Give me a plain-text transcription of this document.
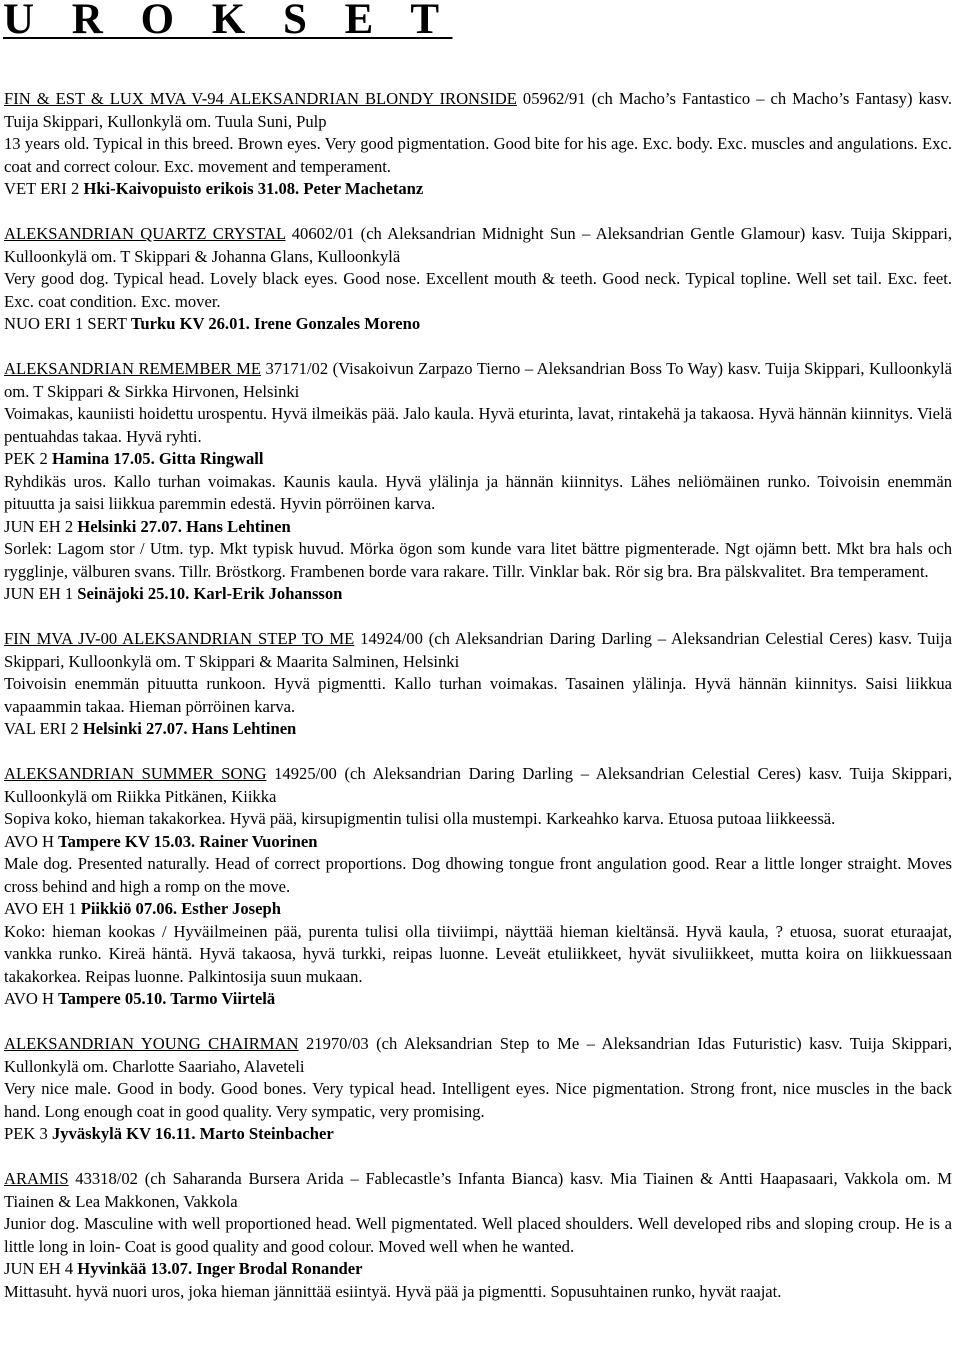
U R O K S E T

FIN & EST & LUX MVA V-94 ALEKSANDRIAN BLONDY IRONSIDE 05962/91 (ch Macho’s Fantastico – ch Macho’s Fantasy) kasv. Tuija Skippari, Kullonkylä om. Tuula Suni, Pulp

13 years old. Typical in this breed. Brown eyes. Very good pigmentation. Good bite for his age. Exc. body. Exc. muscles and angulations. Exc. coat and correct colour. Exc. movement and temperament.

VET ERI 2 Hki-Kaivopuisto erikois 31.08. Peter Machetanz

ALEKSANDRIAN QUARTZ CRYSTAL 40602/01 (ch Aleksandrian Midnight Sun – Aleksandrian Gentle Glamour) kasv. Tuija Skippari, Kulloonkylä om. T Skippari & Johanna Glans, Kulloonkylä

Very good dog. Typical head. Lovely black eyes. Good nose. Excellent mouth & teeth. Good neck. Typical topline. Well set tail. Exc. feet. Exc. coat condition. Exc. mover.

NUO ERI 1 SERT Turku KV 26.01. Irene Gonzales Moreno

ALEKSANDRIAN REMEMBER ME 37171/02 (Visakoivun Zarpazo Tierno – Aleksandrian Boss To Way) kasv. Tuija Skippari, Kulloonkylä om. T Skippari & Sirkka Hirvonen, Helsinki

Voimakas, kauniisti hoidettu urospentu. Hyvä ilmeikäs pää. Jalo kaula. Hyvä eturinta, lavat, rintakehä ja takaosa. Hyvä hännän kiinnitys. Vielä pentuahdas takaa. Hyvä ryhti.

PEK 2 Hamina 17.05. Gitta Ringwall

Ryhdikäs uros. Kallo turhan voimakas. Kaunis kaula. Hyvä ylälinja ja hännän kiinnitys. Lähes neliömäinen runko. Toivoisin enemmän pituutta ja saisi liikkua paremmin edestä. Hyvin pörröinen karva.

JUN EH 2 Helsinki 27.07. Hans Lehtinen

Sorlek: Lagom stor / Utm. typ. Mkt typisk huvud. Mörka ögon som kunde vara litet bättre pigmenterade. Ngt ojämn bett. Mkt bra hals och rygglinje, välburen svans. Tillr. Bröstkorg. Frambenen borde vara rakare. Tillr. Vinklar bak. Rör sig bra. Bra pälskvalitet. Bra temperament.

JUN EH 1 Seinäjoki 25.10. Karl-Erik Johansson

FIN MVA JV-00 ALEKSANDRIAN STEP TO ME 14924/00 (ch Aleksandrian Daring Darling – Aleksandrian Celestial Ceres) kasv. Tuija Skippari, Kulloonkylä om. T Skippari & Maarita Salminen, Helsinki

Toivoisin enemmän pituutta runkoon. Hyvä pigmentti. Kallo turhan voimakas. Tasainen ylälinja. Hyvä hännän kiinnitys. Saisi liikkua vapaammin takaa. Hieman pörröinen karva.

VAL ERI 2 Helsinki 27.07. Hans Lehtinen

ALEKSANDRIAN SUMMER SONG 14925/00 (ch Aleksandrian Daring Darling – Aleksandrian Celestial Ceres) kasv. Tuija Skippari, Kulloonkylä om Riikka Pitkänen, Kiikka

Sopiva koko, hieman takakorkea. Hyvä pää, kirsupigmentin tulisi olla mustempi. Karkeahko karva. Etuosa putoaa liikkeessä.

AVO H Tampere KV 15.03. Rainer Vuorinen

Male dog. Presented naturally. Head of correct proportions. Dog dhowing tongue front angulation good. Rear a little longer straight. Moves cross behind and high a romp on the move.

AVO EH 1 Piikkiö 07.06. Esther Joseph

Koko: hieman kookas / Hyväilmeinen pää, purenta tulisi olla tiiviimpi, näyttää hieman kieltänsä. Hyvä kaula, ? etuosa, suorat eturaajat, vankka runko. Kireä häntä. Hyvä takaosa, hyvä turkki, reipas luonne. Leveät etuliikkeet, hyvät sivuliikkeet, mutta koira on liikkuessaan takakorkea. Reipas luonne. Palkintosija suun mukaan.

AVO H Tampere 05.10. Tarmo Viirtelä

ALEKSANDRIAN YOUNG CHAIRMAN 21970/03 (ch Aleksandrian Step to Me – Aleksandrian Idas Futuristic) kasv. Tuija Skippari, Kullonkylä om. Charlotte Saariaho, Alaveteli

Very nice male. Good in body. Good bones. Very typical head. Intelligent eyes. Nice pigmentation. Strong front, nice muscles in the back hand. Long enough coat in good quality. Very sympatic, very promising.

PEK 3 Jyväskylä KV 16.11. Marto Steinbacher

ARAMIS 43318/02 (ch Saharanda Bursera Arida – Fablecastle’s Infanta Bianca) kasv. Mia Tiainen & Antti Haapasaari, Vakkola om. M Tiainen & Lea Makkonen, Vakkola

Junior dog. Masculine with well proportioned head. Well pigmentated. Well placed shoulders. Well developed ribs and sloping croup. He is a little long in loin- Coat is good quality and good colour. Moved well when he wanted.

JUN EH 4 Hyvinkää 13.07. Inger Brodal Ronander

Mittasuht. hyvä nuori uros, joka hieman jännittää esiintyä. Hyvä pää ja pigmentti. Sopusuhtainen runko, hyvät raajat.
